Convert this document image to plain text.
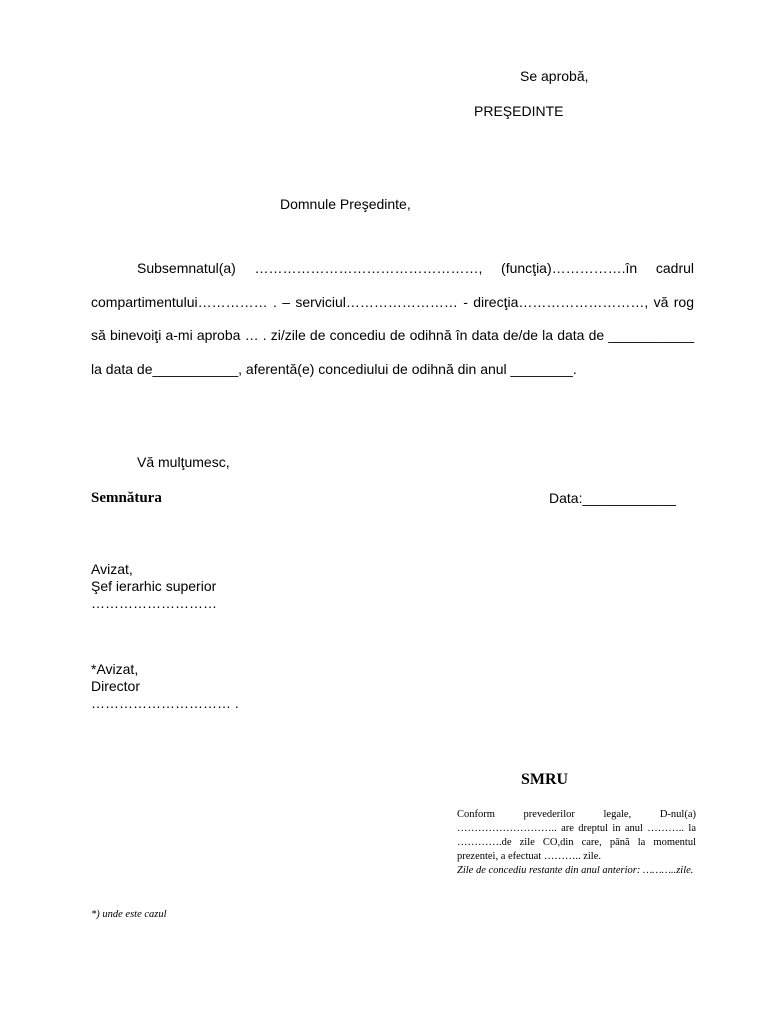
Se aprobă,
PREŞEDINTE
Domnule Preşedinte,

Subsemnatul(a) …………………………………………, (funcţia)…………….în cadrul compartimentului…………… . – serviciul…………………… - direcţia………………………, vă rog să binevoiţi a-mi aproba … . zi/zile de concediu de odihnă în data de/de la data de ___________ la data de___________, aferentă(e) concediului de odihnă din anul ________.

Vă mulţumesc,
Semnătura	Data:____________
Avizat,
Şef ierarhic superior
………………………
*Avizat,
Director
………………………… .
SMRU

Conform prevederilor legale, D-nul(a) ……………………….. are dreptul in anul ……….. la ………….de zile CO,din care, până la momentul prezentei, a efectuat ……….. zile.

Zile de concediu restante din anul anterior: ………..zile.

*) unde este cazul
